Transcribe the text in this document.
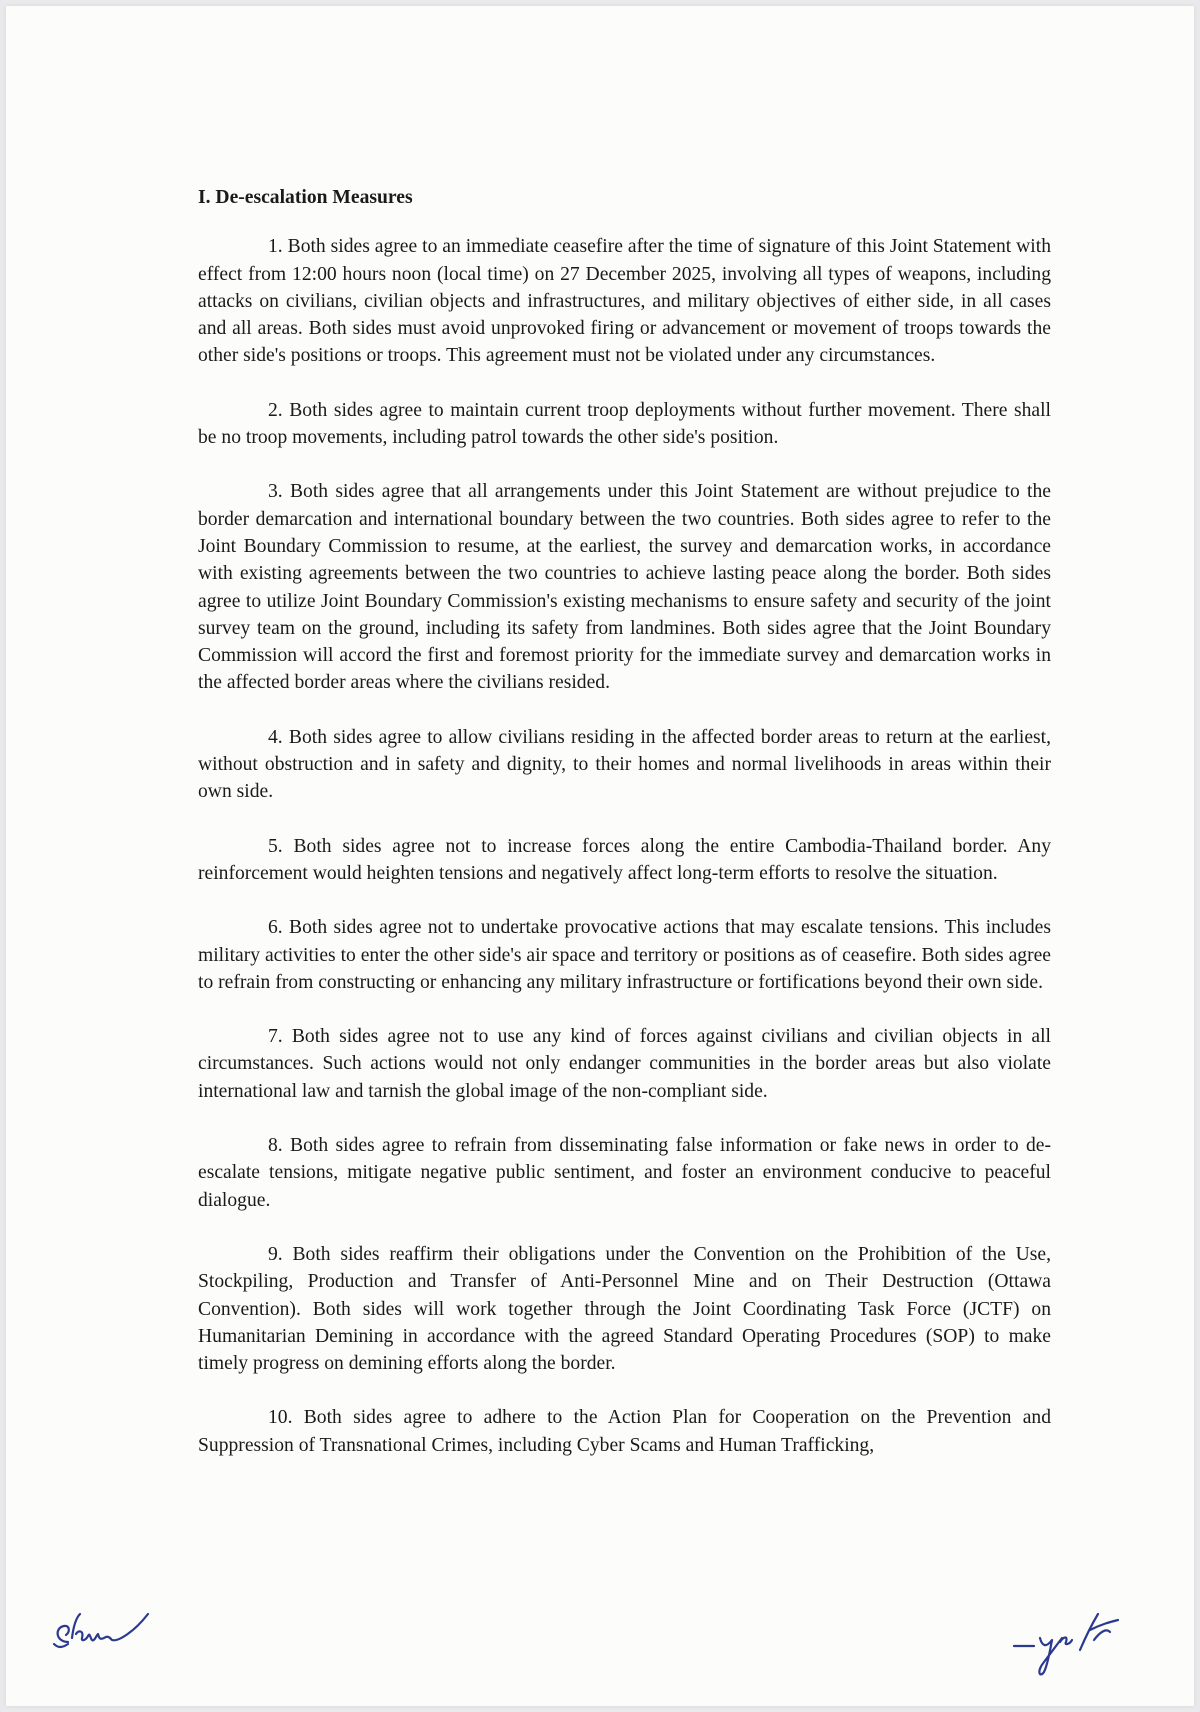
I. De-escalation Measures

1. Both sides agree to an immediate ceasefire after the time of signature of this Joint Statement with effect from 12:00 hours noon (local time) on 27 December 2025, involving all types of weapons, including attacks on civilians, civilian objects and infrastructures, and military objectives of either side, in all cases and all areas. Both sides must avoid unprovoked firing or advancement or movement of troops towards the other side's positions or troops. This agreement must not be violated under any circumstances.

2. Both sides agree to maintain current troop deployments without further movement. There shall be no troop movements, including patrol towards the other side's position.

3. Both sides agree that all arrangements under this Joint Statement are without prejudice to the border demarcation and international boundary between the two countries. Both sides agree to refer to the Joint Boundary Commission to resume, at the earliest, the survey and demarcation works, in accordance with existing agreements between the two countries to achieve lasting peace along the border. Both sides agree to utilize Joint Boundary Commission's existing mechanisms to ensure safety and security of the joint survey team on the ground, including its safety from landmines. Both sides agree that the Joint Boundary Commission will accord the first and foremost priority for the immediate survey and demarcation works in the affected border areas where the civilians resided.

4. Both sides agree to allow civilians residing in the affected border areas to return at the earliest, without obstruction and in safety and dignity, to their homes and normal livelihoods in areas within their own side.

5. Both sides agree not to increase forces along the entire Cambodia-Thailand border. Any reinforcement would heighten tensions and negatively affect long-term efforts to resolve the situation.

6. Both sides agree not to undertake provocative actions that may escalate tensions. This includes military activities to enter the other side's air space and territory or positions as of ceasefire. Both sides agree to refrain from constructing or enhancing any military infrastructure or fortifications beyond their own side.

7. Both sides agree not to use any kind of forces against civilians and civilian objects in all circumstances. Such actions would not only endanger communities in the border areas but also violate international law and tarnish the global image of the non-compliant side.

8. Both sides agree to refrain from disseminating false information or fake news in order to de-escalate tensions, mitigate negative public sentiment, and foster an environment conducive to peaceful dialogue.

9. Both sides reaffirm their obligations under the Convention on the Prohibition of the Use, Stockpiling, Production and Transfer of Anti-Personnel Mine and on Their Destruction (Ottawa Convention). Both sides will work together through the Joint Coordinating Task Force (JCTF) on Humanitarian Demining in accordance with the agreed Standard Operating Procedures (SOP) to make timely progress on demining efforts along the border.

10. Both sides agree to adhere to the Action Plan for Cooperation on the Prevention and Suppression of Transnational Crimes, including Cyber Scams and Human Trafficking,
